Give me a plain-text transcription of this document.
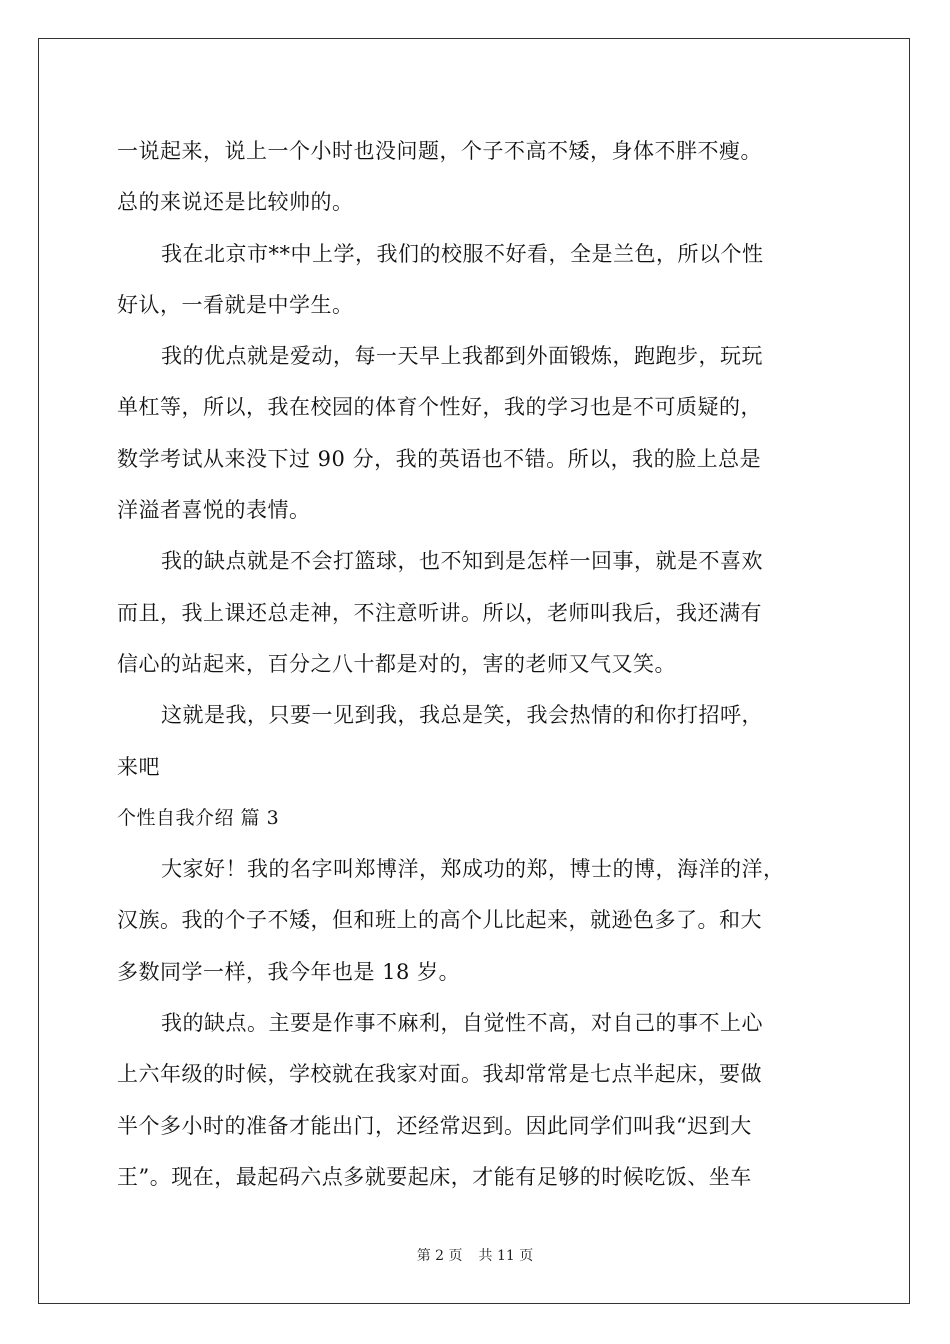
一说起来，说上一个小时也没问题，个子不高不矮，身体不胖不瘦。
总的来说还是比较帅的。
我在北京市**中上学，我们的校服不好看，全是兰色，所以个性
好认，一看就是中学生。
我的优点就是爱动，每一天早上我都到外面锻炼，跑跑步，玩玩
单杠等，所以，我在校园的体育个性好，我的学习也是不可质疑的，
数学考试从来没下过 90 分，我的英语也不错。所以，我的脸上总是
洋溢者喜悦的表情。
我的缺点就是不会打篮球，也不知到是怎样一回事，就是不喜欢
而且，我上课还总走神，不注意听讲。所以，老师叫我后，我还满有
信心的站起来，百分之八十都是对的，害的老师又气又笑。
这就是我，只要一见到我，我总是笑，我会热情的和你打招呼，
来吧
个性自我介绍 篇 3
大家好！我的名字叫郑博洋，郑成功的郑，博士的博，海洋的洋，
汉族。我的个子不矮，但和班上的高个儿比起来，就逊色多了。和大
多数同学一样，我今年也是 18 岁。
我的缺点。主要是作事不麻利，自觉性不高，对自己的事不上心
上六年级的时候，学校就在我家对面。我却常常是七点半起床，要做
半个多小时的准备才能出门，还经常迟到。因此同学们叫我“迟到大
王”。现在，最起码六点多就要起床，才能有足够的时候吃饭、坐车
第 2 页 共 11 页
